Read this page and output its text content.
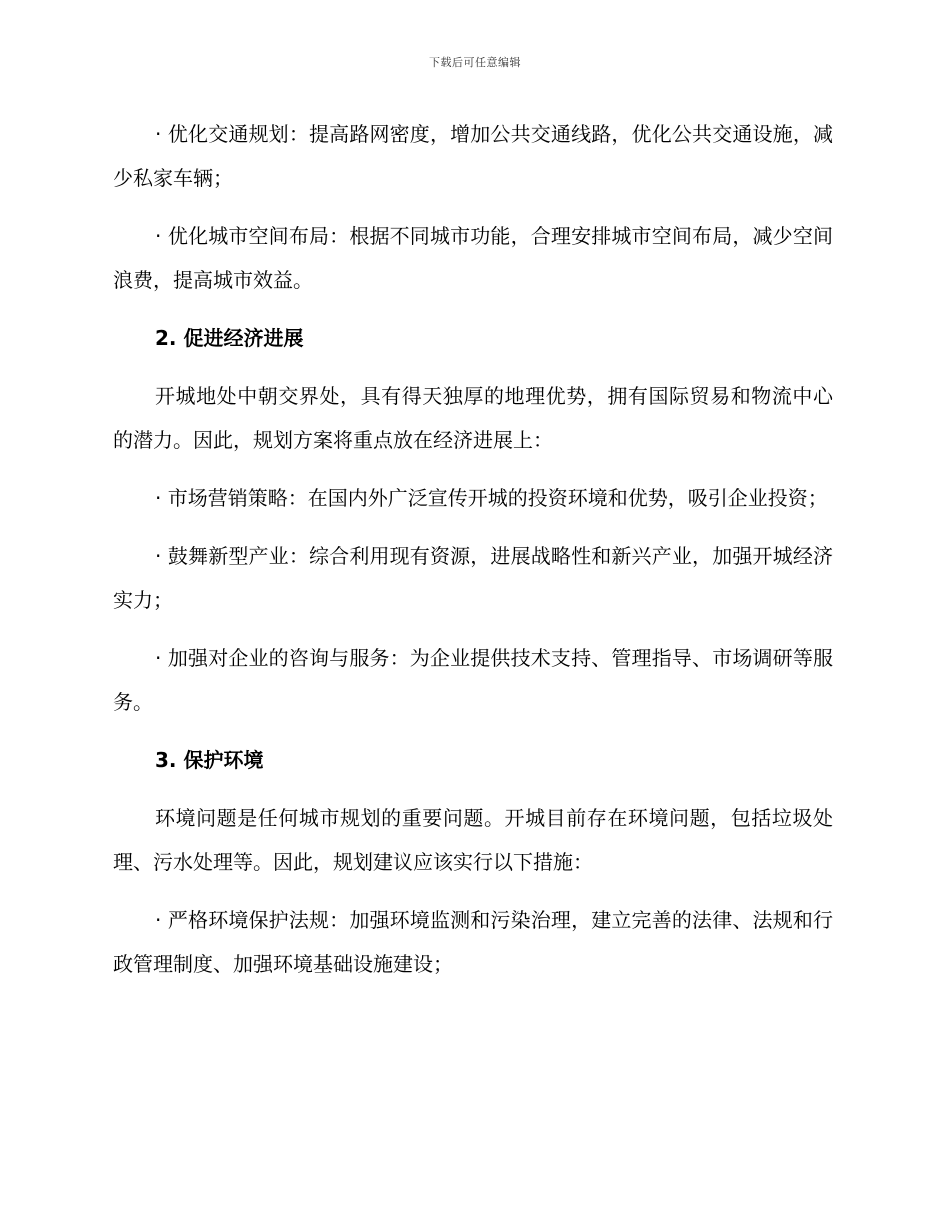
下载后可任意编辑

· 优化交通规划：提高路网密度，增加公共交通线路，优化公共交通设施，减少私家车辆；

· 优化城市空间布局：根据不同城市功能，合理安排城市空间布局，减少空间浪费，提高城市效益。

2. 促进经济进展

开城地处中朝交界处，具有得天独厚的地理优势，拥有国际贸易和物流中心的潜力。因此，规划方案将重点放在经济进展上：

· 市场营销策略：在国内外广泛宣传开城的投资环境和优势，吸引企业投资；

· 鼓舞新型产业：综合利用现有资源，进展战略性和新兴产业，加强开城经济实力；

· 加强对企业的咨询与服务：为企业提供技术支持、管理指导、市场调研等服务。

3. 保护环境

环境问题是任何城市规划的重要问题。开城目前存在环境问题，包括垃圾处理、污水处理等。因此，规划建议应该实行以下措施：

· 严格环境保护法规：加强环境监测和污染治理，建立完善的法律、法规和行政管理制度、加强环境基础设施建设；
